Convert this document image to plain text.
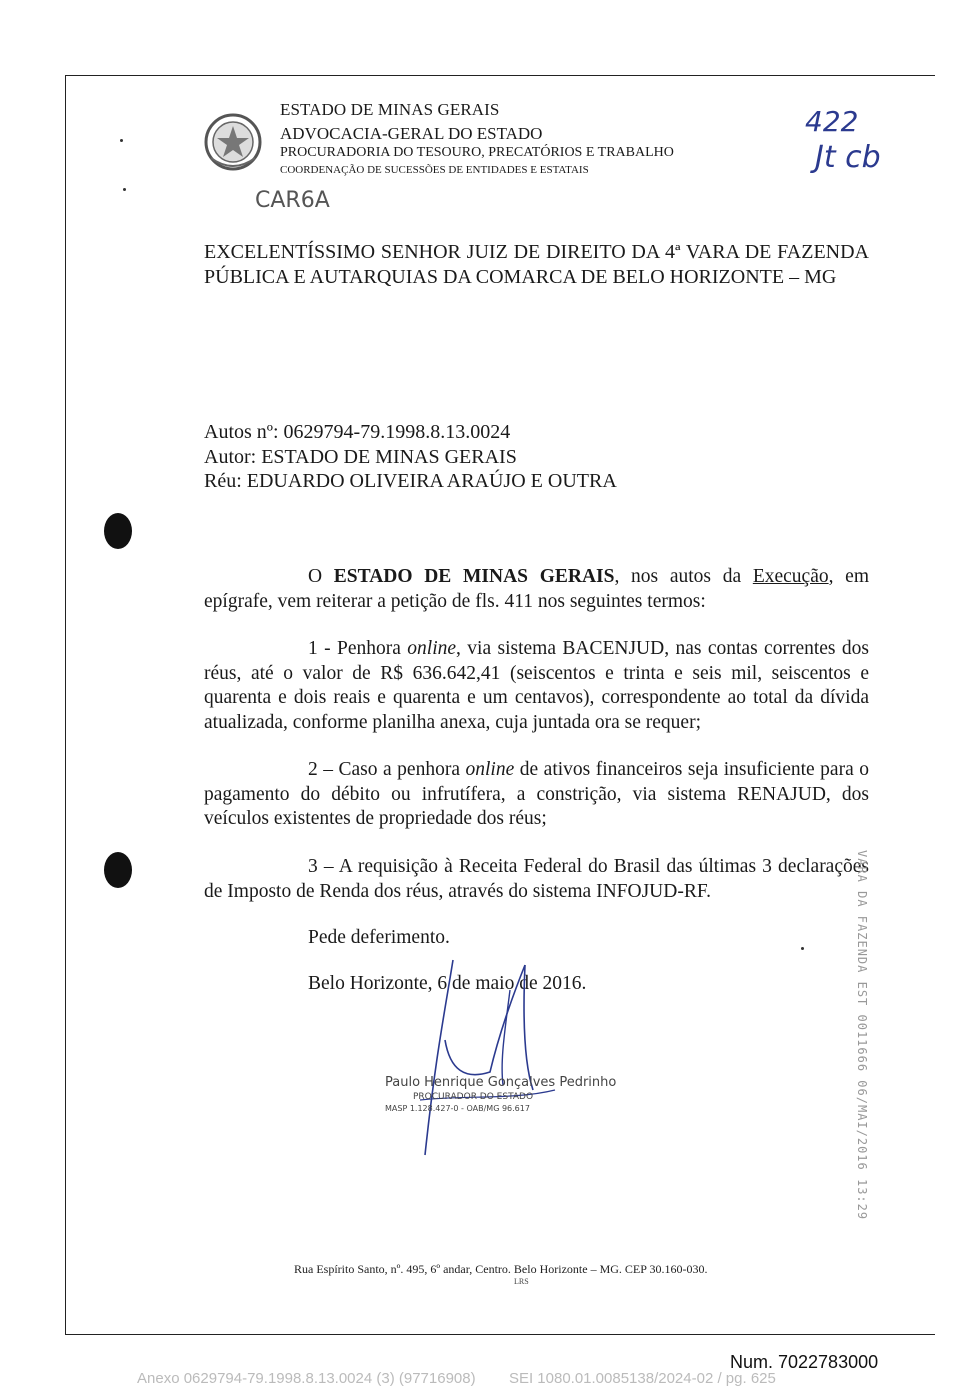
ESTADO DE MINAS GERAIS
ADVOCACIA-GERAL DO ESTADO
PROCURADORIA DO TESOURO, PRECATÓRIOS E TRABALHO
COORDENAÇÃO DE SUCESSÕES DE ENTIDADES E ESTATAIS
422
Jt cb
CAR6A
EXCELENTÍSSIMO SENHOR JUIZ DE DIREITO DA 4ª VARA DE FAZENDA PÚBLICA E AUTARQUIAS DA COMARCA DE BELO HORIZONTE – MG
Autos nº: 0629794-79.1998.8.13.0024
Autor: ESTADO DE MINAS GERAIS
Réu: EDUARDO OLIVEIRA ARAÚJO E OUTRA
O ESTADO DE MINAS GERAIS, nos autos da Execução, em epígrafe, vem reiterar a petição de fls. 411 nos seguintes termos:
1 - Penhora online, via sistema BACENJUD, nas contas correntes dos réus, até o valor de R$ 636.642,41 (seiscentos e trinta e seis mil, seiscentos e quarenta e dois reais e quarenta e um centavos), correspondente ao total da dívida atualizada, conforme planilha anexa, cuja juntada ora se requer;
2 – Caso a penhora online de ativos financeiros seja insuficiente para o pagamento do débito ou infrutífera, a constrição, via sistema RENAJUD, dos veículos existentes de propriedade dos réus;
3 – A requisição à Receita Federal do Brasil das últimas 3 declarações de Imposto de Renda dos réus, através do sistema INFOJUD-RF.
Pede deferimento.
Belo Horizonte, 6 de maio de 2016.
Paulo Henrique Gonçalves Pedrinho
PROCURADOR DO ESTADO
MASP 1.128.427-0 - OAB/MG 96.617	VARA DA FAZENDA EST 0011666 06/MAI/2016 13:29
Rua Espírito Santo, nº. 495, 6º andar, Centro. Belo Horizonte – MG. CEP 30.160-030.
LRS
Num. 7022783000
Anexo 0629794-79.1998.8.13.0024 (3) (97716908)        SEI 1080.01.0085138/2024-02 / pg. 625
